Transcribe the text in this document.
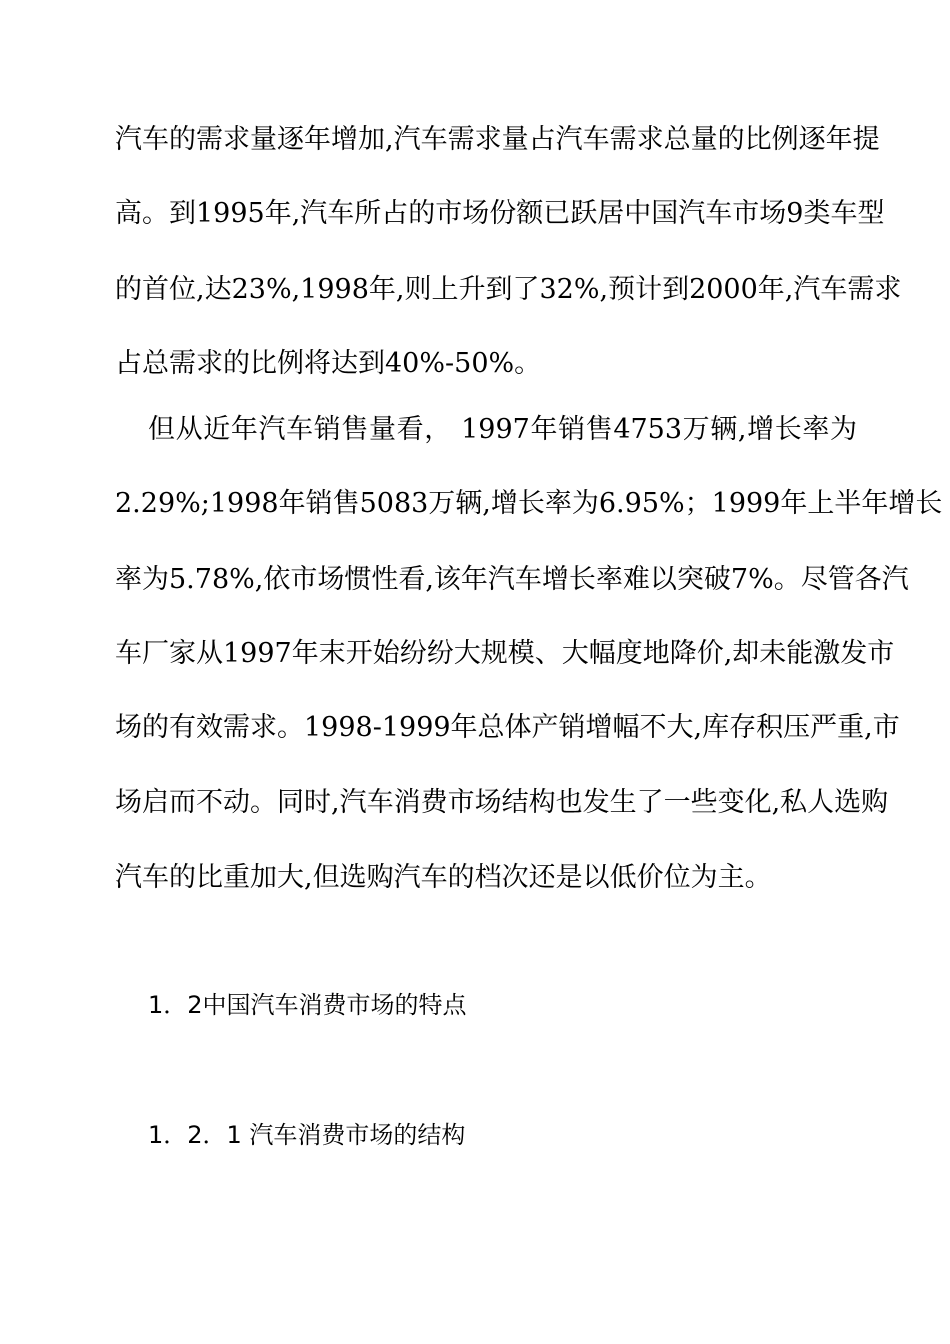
汽车的需求量逐年增加,汽车需求量占汽车需求总量的比例逐年提
高。到1995年,汽车所占的市场份额已跃居中国汽车市场9类车型
的首位,达23%,1998年,则上升到了32%,预计到2000年,汽车需求
占总需求的比例将达到40%-50%。
但从近年汽车销售量看， 1997年销售4753万辆,增长率为
2.29%;1998年销售5083万辆,增长率为6.95%；1999年上半年增长
率为5.78%,依市场惯性看,该年汽车增长率难以突破7%。尽管各汽
车厂家从1997年末开始纷纷大规模、大幅度地降价,却未能激发市
场的有效需求。1998-1999年总体产销增幅不大,库存积压严重,市
场启而不动。同时,汽车消费市场结构也发生了一些变化,私人选购
汽车的比重加大,但选购汽车的档次还是以低价位为主。
1．2中国汽车消费市场的特点
1．2．1 汽车消费市场的结构
